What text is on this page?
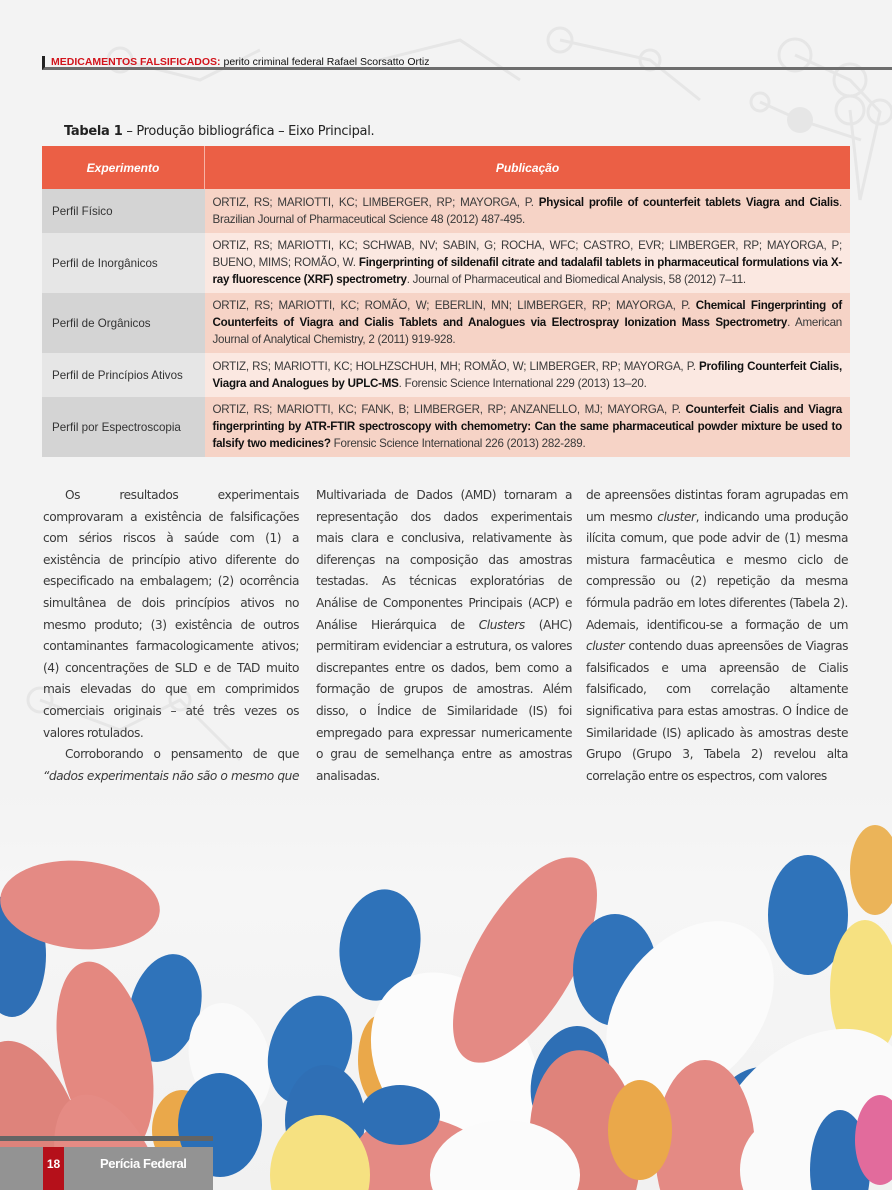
MEDICAMENTOS FALSIFICADOS: perito criminal federal Rafael Scorsatto Ortiz
Tabela 1 – Produção bibliográfica – Eixo Principal.
Experimento	Publicação
Perfil Físico	ORTIZ, RS; MARIOTTI, KC; LIMBERGER, RP; MAYORGA, P. Physical profile of counterfeit tablets Viagra and Cialis. Brazilian Journal of Pharmaceutical Science 48 (2012) 487-495.
Perfil de Inorgânicos	ORTIZ, RS; MARIOTTI, KC; SCHWAB, NV; SABIN, G; ROCHA, WFC; CASTRO, EVR; LIMBERGER, RP; MAYORGA, P; BUENO, MIMS; ROMÃO, W. Fingerprinting of sildenafil citrate and tadalafil tablets in pharmaceutical formulations via X-ray fluorescence (XRF) spectrometry. Journal of Pharmaceutical and Biomedical Analysis, 58 (2012) 7–11.
Perfil de Orgânicos	ORTIZ, RS; MARIOTTI, KC; ROMÃO, W; EBERLIN, MN; LIMBERGER, RP; MAYORGA, P. Chemical Fingerprinting of Counterfeits of Viagra and Cialis Tablets and Analogues via Electrospray Ionization Mass Spectrometry. American Journal of Analytical Chemistry, 2 (2011) 919-928.
Perfil de Princípios Ativos	ORTIZ, RS; MARIOTTI, KC; HOLHZSCHUH, MH; ROMÃO, W; LIMBERGER, RP; MAYORGA, P. Profiling Counterfeit Cialis, Viagra and Analogues by UPLC-MS. Forensic Science International 229 (2013) 13–20.
Perfil por Espectroscopia	ORTIZ, RS; MARIOTTI, KC; FANK, B; LIMBERGER, RP; ANZANELLO, MJ; MAYORGA, P. Counterfeit Cialis and Viagra fingerprinting by ATR-FTIR spectroscopy with chemometry: Can the same pharmaceutical powder mixture be used to falsify two medicines? Forensic Science International 226 (2013) 282-289.

Os resultados experimentais comprovaram a existência de falsificações com sérios riscos à saúde com (1) a existência de princípio ativo diferente do especificado na embalagem; (2) ocorrência simultânea de dois princípios ativos no mesmo produto; (3) existência de outros contaminantes farmacologicamente ativos; (4) concentrações de SLD e de TAD muito mais elevadas do que em comprimidos comerciais originais – até três vezes os valores rotulados.

Corroborando o pensamento de que “dados experimentais não são o mesmo que

Multivariada de Dados (AMD) tornaram a representação dos dados experimentais mais clara e conclusiva, relativamente às diferenças na composição das amostras testadas. As técnicas exploratórias de Análise de Componentes Principais (ACP) e Análise Hierárquica de Clusters (AHC) permitiram evidenciar a estrutura, os valores discrepantes entre os dados, bem como a formação de grupos de amostras. Além disso, o Índice de Similaridade (IS) foi empregado para expressar numericamente o grau de semelhança entre as amostras analisadas.

de apreensões distintas foram agrupadas em um mesmo cluster, indicando uma produção ilícita comum, que pode advir de (1) mesma mistura farmacêutica e mesmo ciclo de compressão ou (2) repetição da mesma fórmula padrão em lotes diferentes (Tabela 2). Ademais, identificou-se a formação de um cluster contendo duas apreensões de Viagras falsificados e uma apreensão de Cialis falsificado, com correlação altamente significativa para estas amostras. O Índice de Similaridade (IS) aplicado às amostras deste Grupo (Grupo 3, Tabela 2) revelou alta correlação entre os espectros, com valores

18	Perícia Federal
